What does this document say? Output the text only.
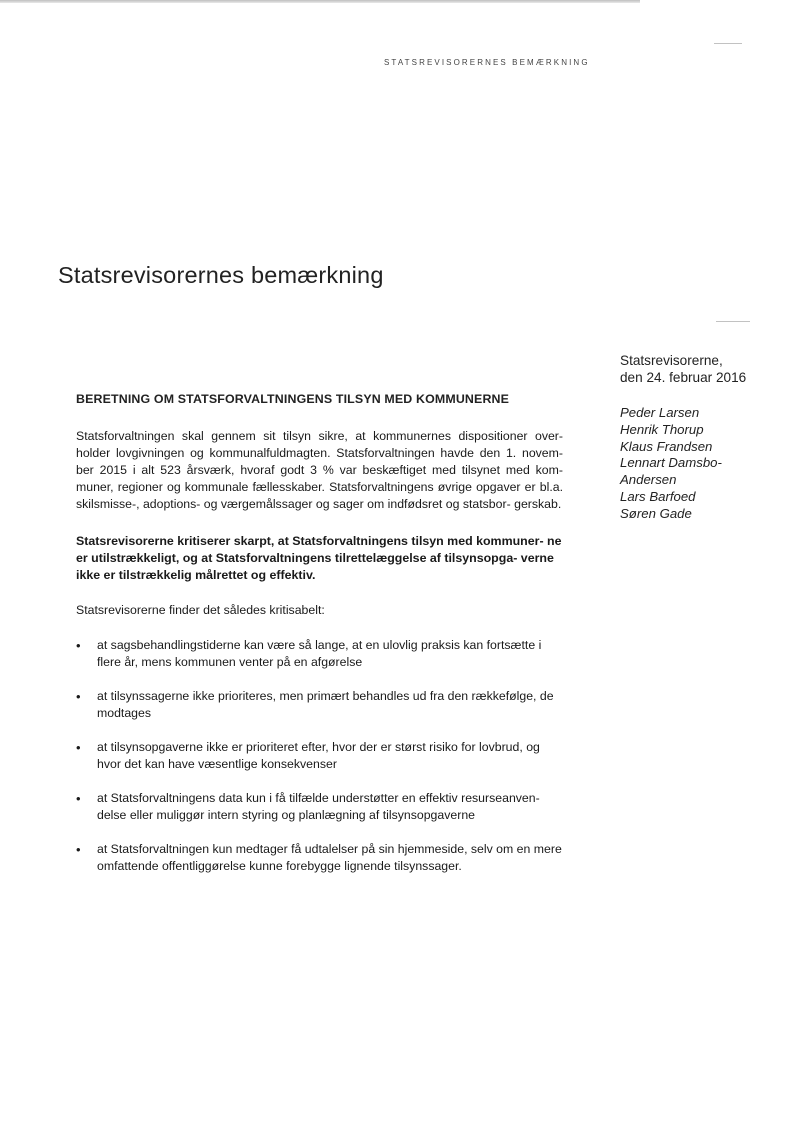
STATSREVISORERNES BEMÆRKNING
Statsrevisorernes bemærkning
Statsrevisorerne,
den 24. februar 2016
Peder Larsen
Henrik Thorup
Klaus Frandsen
Lennart Damsbo-
Andersen
Lars Barfoed
Søren Gade
BERETNING OM STATSFORVALTNINGENS TILSYN MED KOMMUNERNE

Statsforvaltningen skal gennem sit tilsyn sikre, at kommunernes dispositioner over- holder lovgivningen og kommunalfuldmagten. Statsforvaltningen havde den 1. novem- ber 2015 i alt 523 årsværk, hvoraf godt 3 % var beskæftiget med tilsynet med kom- muner, regioner og kommunale fællesskaber. Statsforvaltningens øvrige opgaver er bl.a. skilsmisse-, adoptions- og værgemålssager og sager om indfødsret og statsbor- gerskab.

Statsrevisorerne kritiserer skarpt, at Statsforvaltningens tilsyn med kommuner- ne er utilstrækkeligt, og at Statsforvaltningens tilrettelæggelse af tilsynsopga- verne ikke er tilstrækkelig målrettet og effektiv.

Statsrevisorerne finder det således kritisabelt:

• at sagsbehandlingstiderne kan være så lange, at en ulovlig praksis kan fortsætte i flere år, mens kommunen venter på en afgørelse
• at tilsynssagerne ikke prioriteres, men primært behandles ud fra den rækkefølge, de modtages
• at tilsynsopgaverne ikke er prioriteret efter, hvor der er størst risiko for lovbrud, og hvor det kan have væsentlige konsekvenser
• at Statsforvaltningens data kun i få tilfælde understøtter en effektiv resurseanven- delse eller muliggør intern styring og planlægning af tilsynsopgaverne
• at Statsforvaltningen kun medtager få udtalelser på sin hjemmeside, selv om en mere omfattende offentliggørelse kunne forebygge lignende tilsynssager.
